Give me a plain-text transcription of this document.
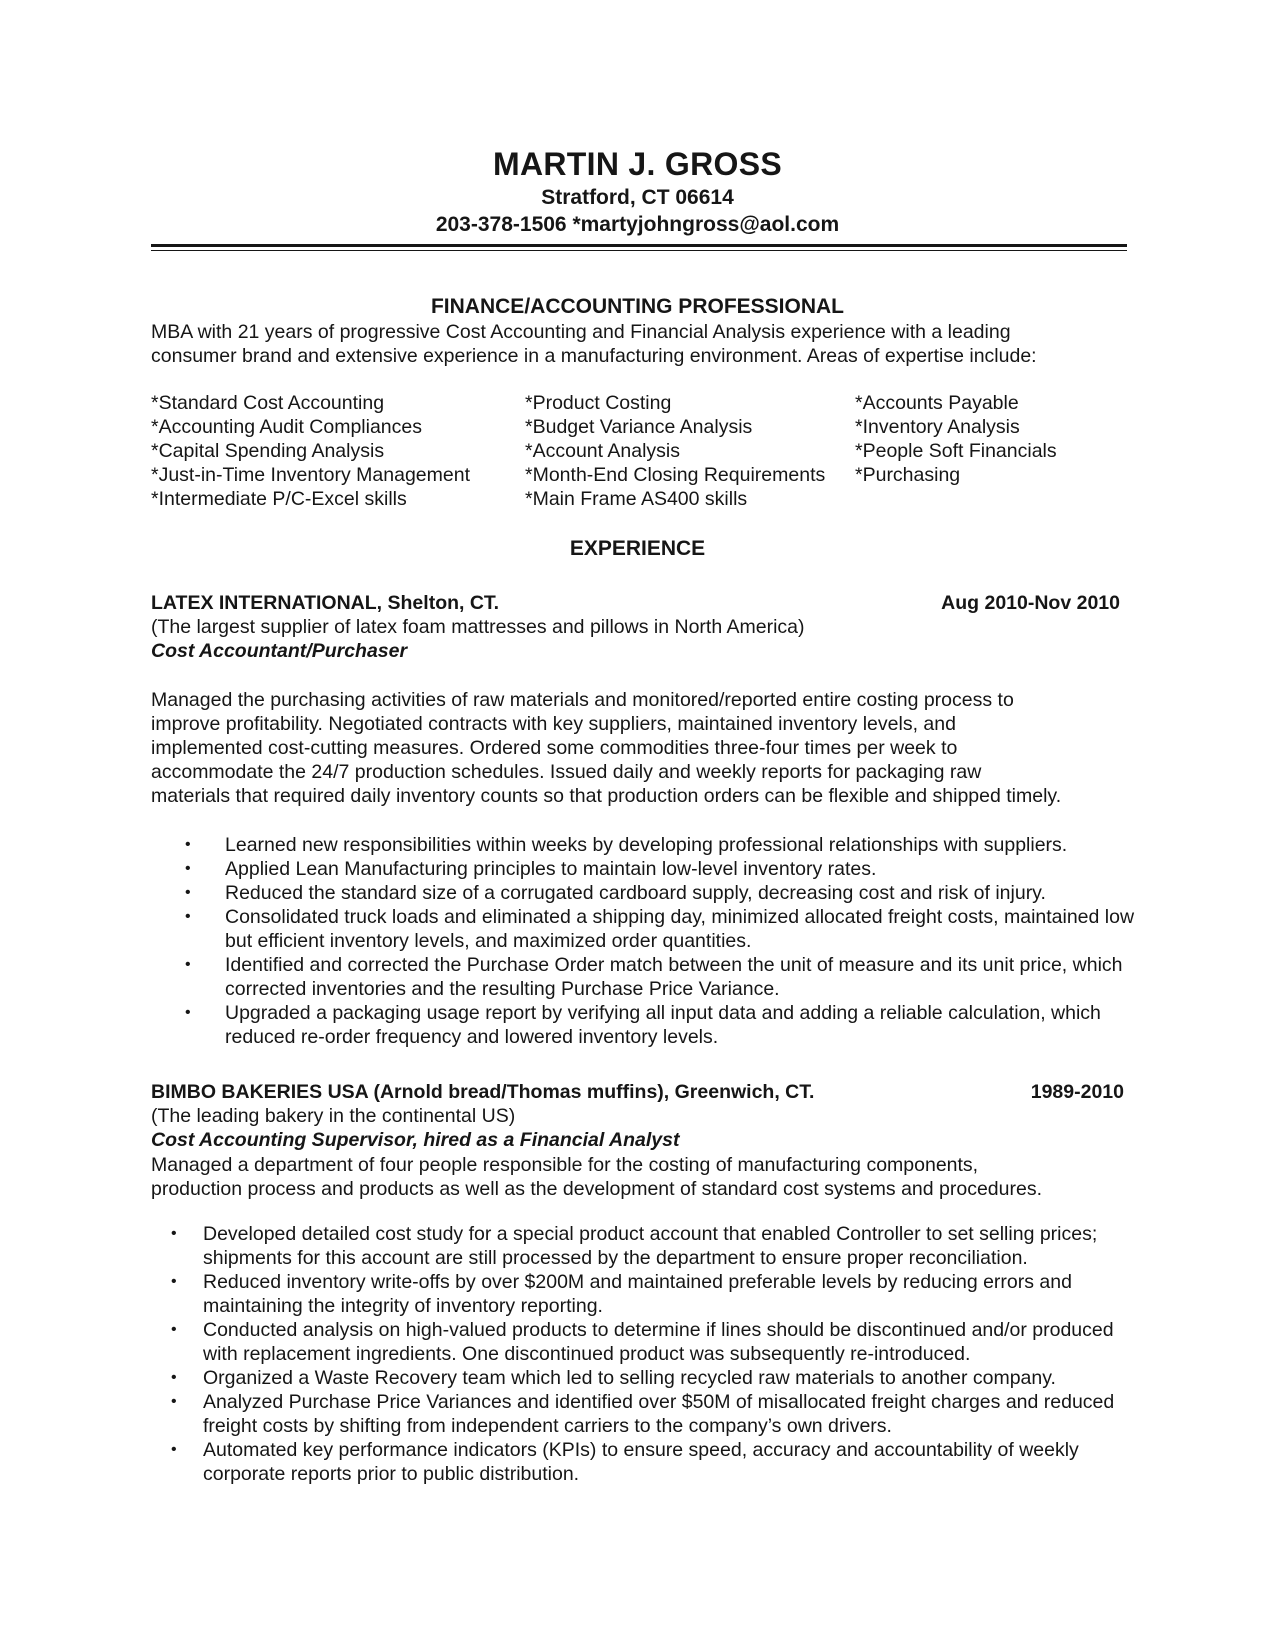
MARTIN J. GROSS
Stratford, CT 06614
203-378-1506 *martyjohngross@aol.com
FINANCE/ACCOUNTING PROFESSIONAL
MBA with 21 years of progressive Cost Accounting and Financial Analysis experience with a leading
consumer brand and extensive experience in a manufacturing environment. Areas of expertise include:
*Standard Cost Accounting
*Accounting Audit Compliances
*Capital Spending Analysis
*Just-in-Time Inventory Management
*Intermediate P/C-Excel skills
*Product Costing
*Budget Variance Analysis
*Account Analysis
*Month-End Closing Requirements
*Main Frame AS400 skills
*Accounts Payable
*Inventory Analysis
*People Soft Financials
*Purchasing
EXPERIENCE
LATEX INTERNATIONAL, Shelton, CT.	Aug 2010-Nov 2010
(The largest supplier of latex foam mattresses and pillows in North America)
Cost Accountant/Purchaser
Managed the purchasing activities of raw materials and monitored/reported entire costing process to
improve profitability. Negotiated contracts with key suppliers, maintained inventory levels, and
implemented cost-cutting measures. Ordered some commodities three-four times per week to
accommodate the 24/7 production schedules. Issued daily and weekly reports for packaging raw
materials that required daily inventory counts so that production orders can be flexible and shipped timely.
• Learned new responsibilities within weeks by developing professional relationships with suppliers.
• Applied Lean Manufacturing principles to maintain low-level inventory rates.
• Reduced the standard size of a corrugated cardboard supply, decreasing cost and risk of injury.
• Consolidated truck loads and eliminated a shipping day, minimized allocated freight costs, maintained low but efficient inventory levels, and maximized order quantities.
• Identified and corrected the Purchase Order match between the unit of measure and its unit price, which corrected inventories and the resulting Purchase Price Variance.
• Upgraded a packaging usage report by verifying all input data and adding a reliable calculation, which reduced re-order frequency and lowered inventory levels.
BIMBO BAKERIES USA (Arnold bread/Thomas muffins), Greenwich, CT.	1989-2010
(The leading bakery in the continental US)
Cost Accounting Supervisor, hired as a Financial Analyst
Managed a department of four people responsible for the costing of manufacturing components,
production process and products as well as the development of standard cost systems and procedures.
• Developed detailed cost study for a special product account that enabled Controller to set selling prices; shipments for this account are still processed by the department to ensure proper reconciliation.
• Reduced inventory write-offs by over $200M and maintained preferable levels by reducing errors and maintaining the integrity of inventory reporting.
• Conducted analysis on high-valued products to determine if lines should be discontinued and/or produced with replacement ingredients. One discontinued product was subsequently re-introduced.
• Organized a Waste Recovery team which led to selling recycled raw materials to another company.
• Analyzed Purchase Price Variances and identified over $50M of misallocated freight charges and reduced freight costs by shifting from independent carriers to the company’s own drivers.
• Automated key performance indicators (KPIs) to ensure speed, accuracy and accountability of weekly corporate reports prior to public distribution.
